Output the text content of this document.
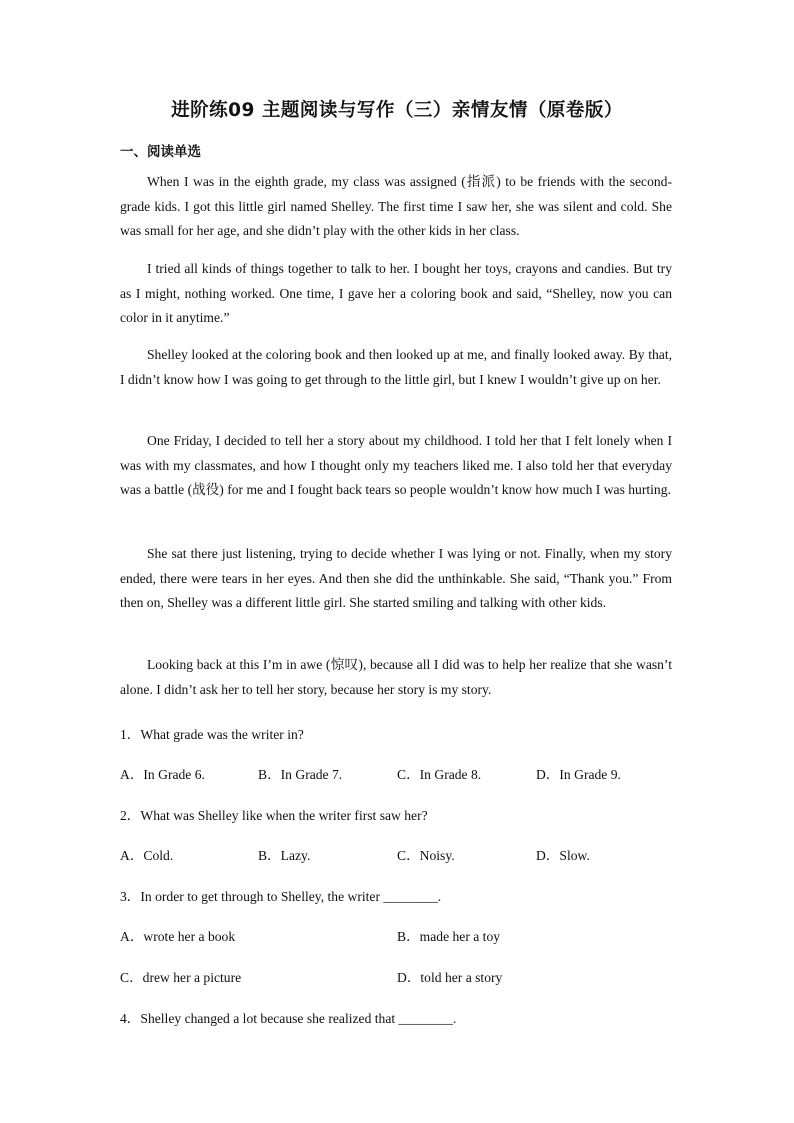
进阶练09 主题阅读与写作（三）亲情友情（原卷版）
一、阅读单选

When I was in the eighth grade, my class was assigned (指派) to be friends with the second-grade kids. I got this little girl named Shelley. The first time I saw her, she was silent and cold. She was small for her age, and she didn’t play with the other kids in her class.

I tried all kinds of things together to talk to her. I bought her toys, crayons and candies. But try as I might, nothing worked. One time, I gave her a coloring book and said, “Shelley, now you can color in it anytime.”

Shelley looked at the coloring book and then looked up at me, and finally looked away. By that, I didn’t know how I was going to get through to the little girl, but I knew I wouldn’t give up on her.

One Friday, I decided to tell her a story about my childhood. I told her that I felt lonely when I was with my classmates, and how I thought only my teachers liked me. I also told her that everyday was a battle (战役) for me and I fought back tears so people wouldn’t know how much I was hurting.

She sat there just listening, trying to decide whether I was lying or not. Finally, when my story ended, there were tears in her eyes. And then she did the unthinkable. She said, “Thank you.” From then on, Shelley was a different little girl. She started smiling and talking with other kids.

Looking back at this I’m in awe (惊叹), because all I did was to help her realize that she wasn’t alone. I didn’t ask her to tell her story, because her story is my story.

1．What grade was the writer in?

A．In Grade 6.	B．In Grade 7.	C．In Grade 8.	D．In Grade 9.

2．What was Shelley like when the writer first saw her?

A．Cold.	B．Lazy.	C．Noisy.	D．Slow.

3．In order to get through to Shelley, the writer ________.

A．wrote her a book	B．made her a toy
C．drew her a picture	D．told her a story

4．Shelley changed a lot because she realized that ________.
